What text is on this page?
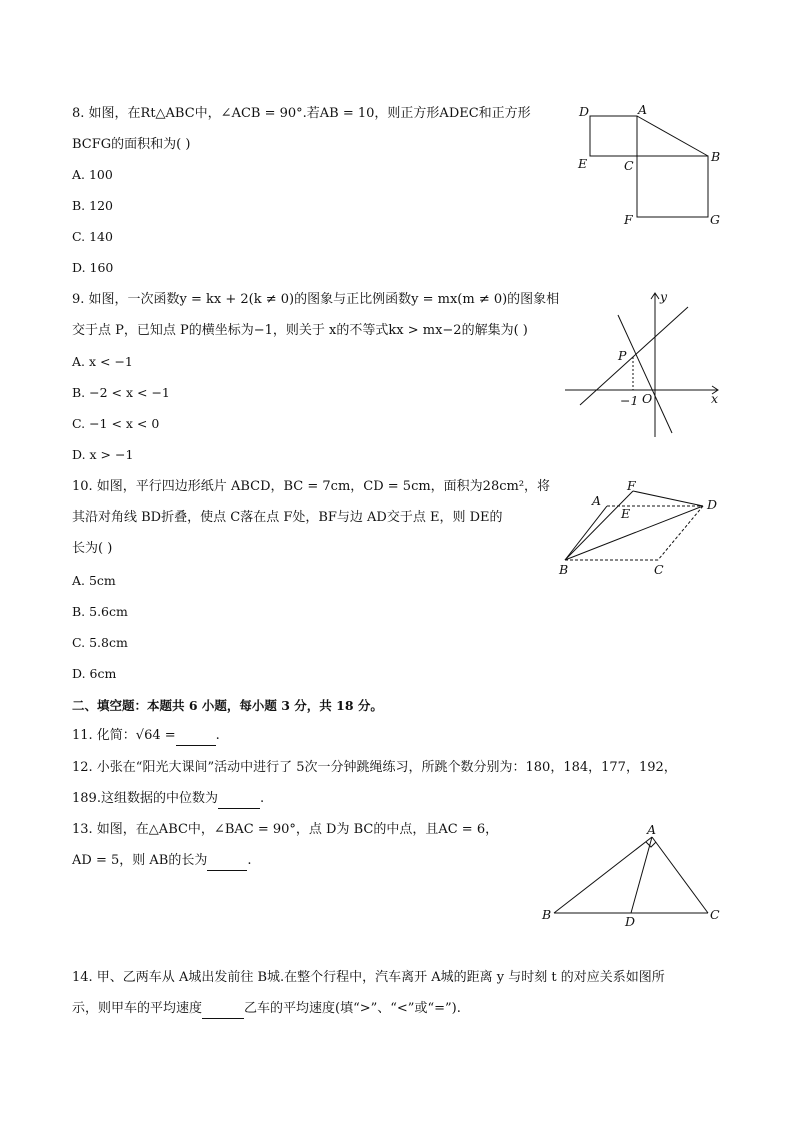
8. 如图，在Rt△ABC中，∠ACB = 90°.若AB = 10，则正方形ADEC和正方形
BCFG的面积和为( )
A. 100
B. 120
C. 140
D. 160
D	A
B
E	C
F	G
9. 如图，一次函数y = kx + 2(k ≠ 0)的图象与正比例函数y = mx(m ≠ 0)的图象相
交于点 P，已知点 P的横坐标为−1，则关于 x的不等式kx > mx−2的解集为( )
A. x < −1
B. −2 < x < −1
C. −1 < x < 0
D. x > −1
y
x
P
O
−1
10. 如图，平行四边形纸片 ABCD，BC = 7cm，CD = 5cm，面积为28cm²，将
其沿对角线 BD折叠，使点 C落在点 F处，BF与边 AD交于点 E，则 DE的
长为( )
A. 5cm
B. 5.6cm
C. 5.8cm
D. 6cm
A
F
D
E
B	C
二、填空题：本题共 6 小题，每小题 3 分，共 18 分。
11. 化简：√64 =	.
12. 小张在“阳光大课间”活动中进行了 5次一分钟跳绳练习，所跳个数分别为：180，184，177，192，
189.这组数据的中位数为	.
13. 如图，在△ABC中，∠BAC = 90°，点 D为 BC的中点，且AC = 6，
AD = 5，则 AB的长为	.
A
B	C
D
14. 甲、乙两车从 A城出发前往 B城.在整个行程中，汽车离开 A城的距离 y 与时刻 t 的对应关系如图所
示，则甲车的平均速度	乙车的平均速度(填“>”、“<”或“=”).
